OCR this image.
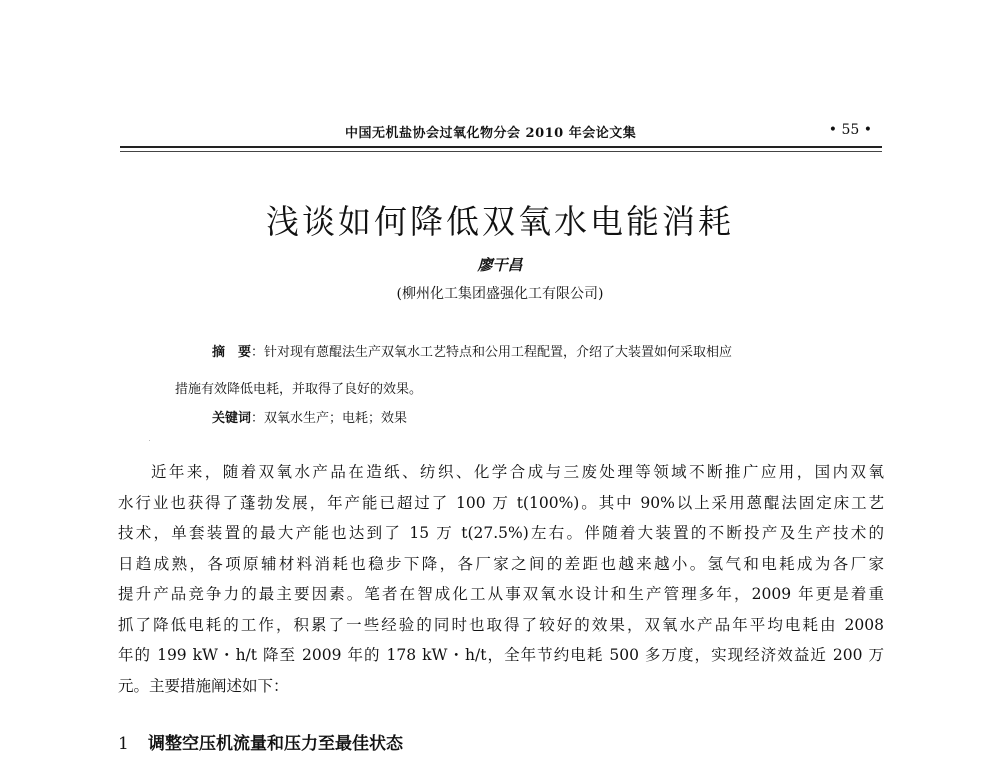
中国无机盐协会过氧化物分会 2010 年会论文集	• 55 •
浅谈如何降低双氧水电能消耗
廖干昌
(柳州化工集团盛强化工有限公司)
摘　要：针对现有蒽醌法生产双氧水工艺特点和公用工程配置，介绍了大装置如何采取相应
措施有效降低电耗，并取得了良好的效果。
关键词：双氧水生产；电耗；效果
近年来，随着双氧水产品在造纸、纺织、化学合成与三废处理等领域不断推广应用，国内双氧
水行业也获得了蓬勃发展，年产能已超过了 100 万 t(100%)。其中 90%以上采用蒽醌法固定床工艺
技术，单套装置的最大产能也达到了 15 万 t(27.5%)左右。伴随着大装置的不断投产及生产技术的
日趋成熟，各项原辅材料消耗也稳步下降，各厂家之间的差距也越来越小。氢气和电耗成为各厂家
提升产品竞争力的最主要因素。笔者在智成化工从事双氧水设计和生产管理多年，2009 年更是着重
抓了降低电耗的工作，积累了一些经验的同时也取得了较好的效果，双氧水产品年平均电耗由 2008
年的 199 kW・h/t 降至 2009 年的 178 kW・h/t，全年节约电耗 500 多万度，实现经济效益近 200 万
元。主要措施阐述如下：
1 调整空压机流量和压力至最佳状态
